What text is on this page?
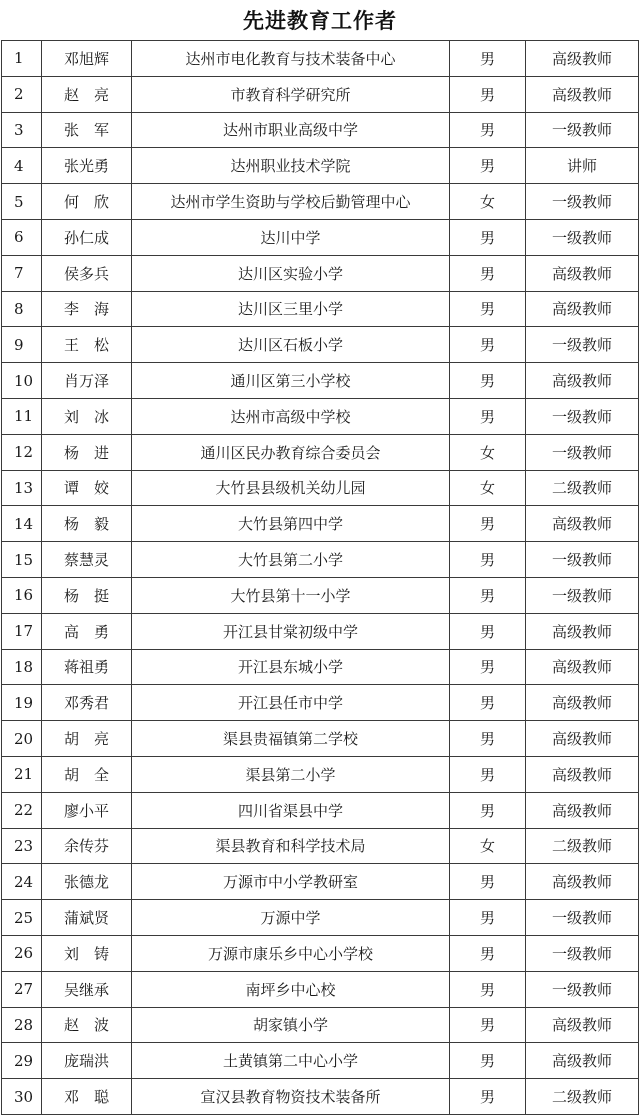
先进教育工作者
1	邓旭辉	达州市电化教育与技术装备中心	男	高级教师
2	赵　亮	市教育科学研究所	男	高级教师
3	张　军	达州市职业高级中学	男	一级教师
4	张光勇	达州职业技术学院	男	讲师
5	何　欣	达州市学生资助与学校后勤管理中心	女	一级教师
6	孙仁成	达川中学	男	一级教师
7	侯多兵	达川区实验小学	男	高级教师
8	李　海	达川区三里小学	男	高级教师
9	王　松	达川区石板小学	男	一级教师
10	肖万泽	通川区第三小学校	男	高级教师
11	刘　冰	达州市高级中学校	男	一级教师
12	杨　进	通川区民办教育综合委员会	女	一级教师
13	谭　姣	大竹县县级机关幼儿园	女	二级教师
14	杨　毅	大竹县第四中学	男	高级教师
15	蔡慧灵	大竹县第二小学	男	一级教师
16	杨　挺	大竹县第十一小学	男	一级教师
17	高　勇	开江县甘棠初级中学	男	高级教师
18	蒋祖勇	开江县东城小学	男	高级教师
19	邓秀君	开江县任市中学	男	高级教师
20	胡　亮	渠县贵福镇第二学校	男	高级教师
21	胡　全	渠县第二小学	男	高级教师
22	廖小平	四川省渠县中学	男	高级教师
23	余传芬	渠县教育和科学技术局	女	二级教师
24	张德龙	万源市中小学教研室	男	高级教师
25	蒲斌贤	万源中学	男	一级教师
26	刘　铸	万源市康乐乡中心小学校	男	一级教师
27	吴继承	南坪乡中心校	男	一级教师
28	赵　波	胡家镇小学	男	高级教师
29	庞瑞洪	土黄镇第二中心小学	男	高级教师
30	邓　聪	宣汉县教育物资技术装备所	男	二级教师
